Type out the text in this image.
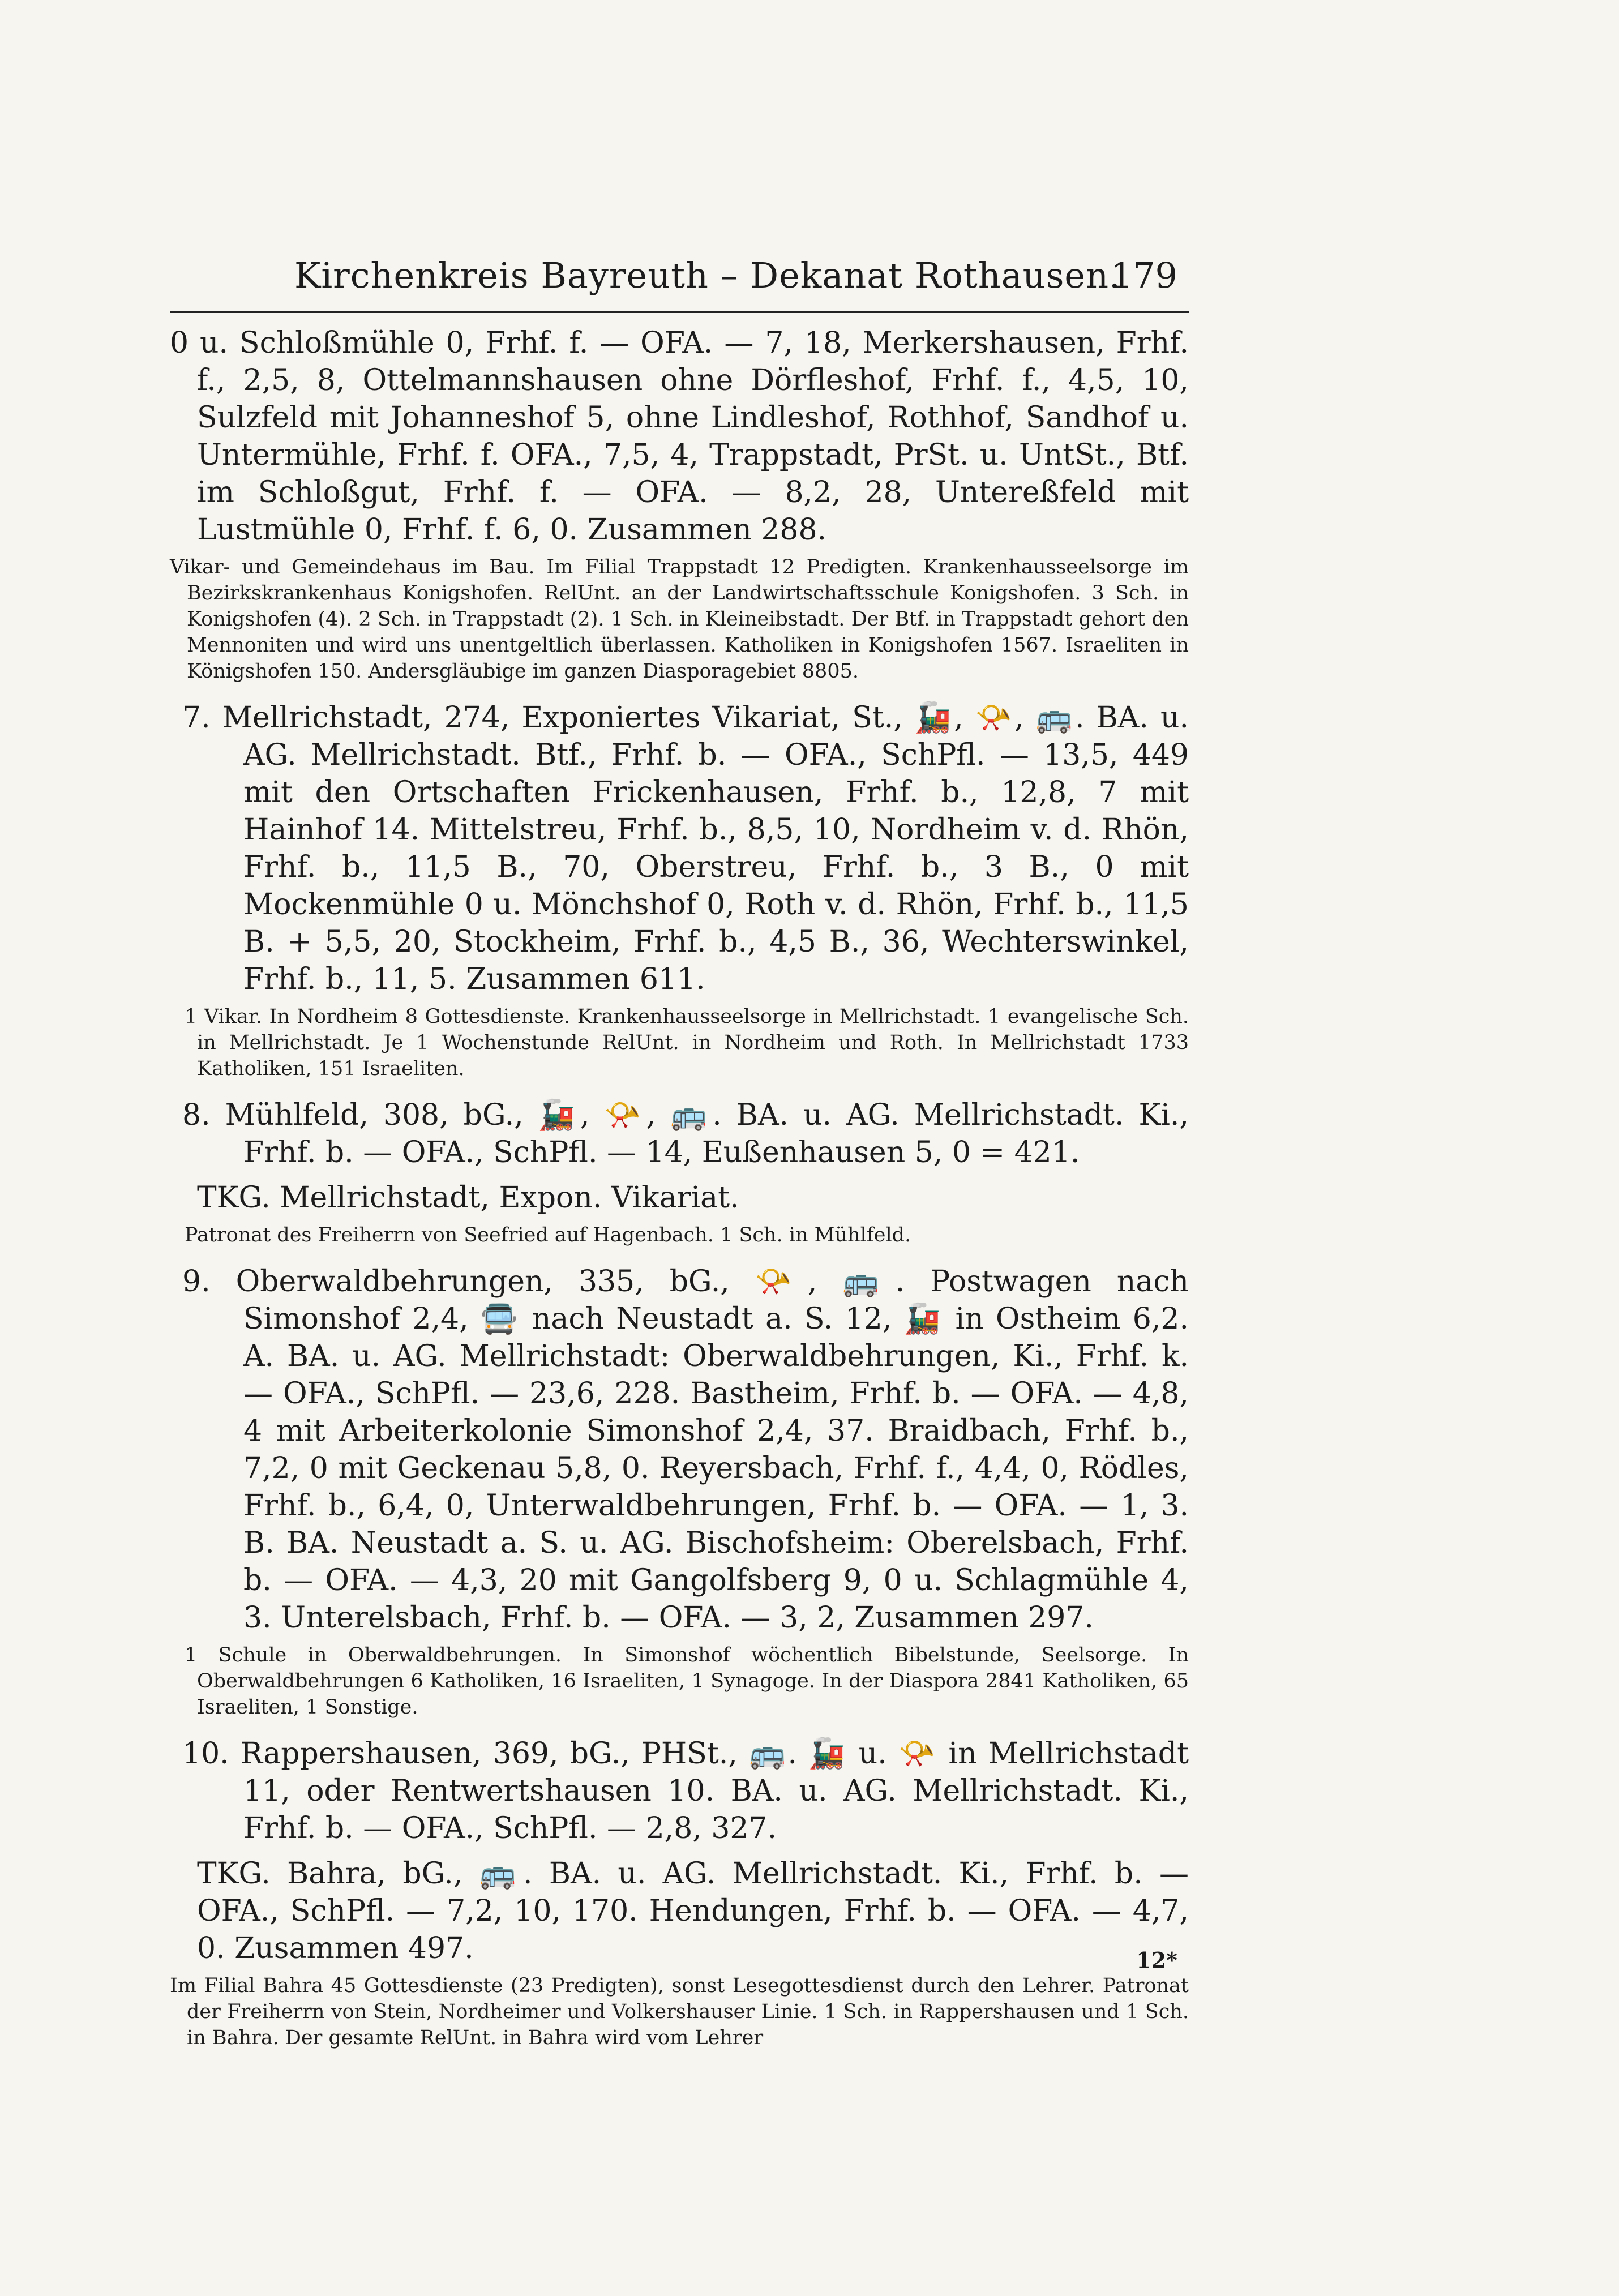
Kirchenkreis Bayreuth – Dekanat Rothausen.
179

0 u. Schloßmühle 0, Frhf. f. — OFA. — 7, 18, Merkershausen, Frhf. f., 2,5, 8, Ottelmannshausen ohne Dörfleshof, Frhf. f., 4,5, 10, Sulzfeld mit Johanneshof 5, ohne Lindleshof, Rothhof, Sandhof u. Untermühle, Frhf. f. OFA., 7,5, 4, Trappstadt, PrSt. u. UntSt., Btf. im Schloßgut, Frhf. f. — OFA. — 8,2, 28, Untereßfeld mit Lustmühle 0, Frhf. f. 6, 0. Zusammen 288.

Vikar- und Gemeindehaus im Bau. Im Filial Trappstadt 12 Predigten. Krankenhausseelsorge im Bezirkskrankenhaus Konigshofen. RelUnt. an der Landwirtschaftsschule Konigshofen. 3 Sch. in Konigshofen (4). 2 Sch. in Trappstadt (2). 1 Sch. in Kleineibstadt. Der Btf. in Trappstadt gehort den Mennoniten und wird uns unentgeltlich überlassen. Katholiken in Konigshofen 1567. Israeliten in Königshofen 150. Andersgläubige im ganzen Diasporagebiet 8805.

7. Mellrichstadt, 274, Exponiertes Vikariat, St., 🚂, 📯, 🚌. BA. u. AG. Mellrichstadt. Btf., Frhf. b. — OFA., SchPfl. — 13,5, 449 mit den Ortschaften Frickenhausen, Frhf. b., 12,8, 7 mit Hainhof 14. Mittelstreu, Frhf. b., 8,5, 10, Nordheim v. d. Rhön, Frhf. b., 11,5 B., 70, Oberstreu, Frhf. b., 3 B., 0 mit Mockenmühle 0 u. Mönchshof 0, Roth v. d. Rhön, Frhf. b., 11,5 B. + 5,5, 20, Stockheim, Frhf. b., 4,5 B., 36, Wechterswinkel, Frhf. b., 11, 5. Zusammen 611.

1 Vikar. In Nordheim 8 Gottesdienste. Krankenhausseelsorge in Mellrichstadt. 1 evangelische Sch. in Mellrichstadt. Je 1 Wochenstunde RelUnt. in Nordheim und Roth. In Mellrichstadt 1733 Katholiken, 151 Israeliten.

8. Mühlfeld, 308, bG., 🚂, 📯, 🚌. BA. u. AG. Mellrichstadt. Ki., Frhf. b. — OFA., SchPfl. — 14, Eußenhausen 5, 0 = 421.

TKG. Mellrichstadt, Expon. Vikariat.

Patronat des Freiherrn von Seefried auf Hagenbach. 1 Sch. in Mühlfeld.

9. Oberwaldbehrungen, 335, bG., 📯, 🚌. Postwagen nach Simonshof 2,4, 🚍 nach Neustadt a. S. 12, 🚂 in Ostheim 6,2. A. BA. u. AG. Mellrichstadt: Oberwaldbehrungen, Ki., Frhf. k. — OFA., SchPfl. — 23,6, 228. Bastheim, Frhf. b. — OFA. — 4,8, 4 mit Arbeiterkolonie Simonshof 2,4, 37. Braidbach, Frhf. b., 7,2, 0 mit Geckenau 5,8, 0. Reyersbach, Frhf. f., 4,4, 0, Rödles, Frhf. b., 6,4, 0, Unterwaldbehrungen, Frhf. b. — OFA. — 1, 3. B. BA. Neustadt a. S. u. AG. Bischofsheim: Oberelsbach, Frhf. b. — OFA. — 4,3, 20 mit Gangolfsberg 9, 0 u. Schlagmühle 4, 3. Unterelsbach, Frhf. b. — OFA. — 3, 2, Zusammen 297.

1 Schule in Oberwaldbehrungen. In Simonshof wöchentlich Bibelstunde, Seelsorge. In Oberwaldbehrungen 6 Katholiken, 16 Israeliten, 1 Synagoge. In der Diaspora 2841 Katholiken, 65 Israeliten, 1 Sonstige.

10. Rappershausen, 369, bG., PHSt., 🚌. 🚂 u. 📯 in Mellrichstadt 11, oder Rentwertshausen 10. BA. u. AG. Mellrichstadt. Ki., Frhf. b. — OFA., SchPfl. — 2,8, 327.

TKG. Bahra, bG., 🚌. BA. u. AG. Mellrichstadt. Ki., Frhf. b. — OFA., SchPfl. — 7,2, 10, 170. Hendungen, Frhf. b. — OFA. — 4,7, 0. Zusammen 497.

Im Filial Bahra 45 Gottesdienste (23 Predigten), sonst Lesegottesdienst durch den Lehrer. Patronat der Freiherrn von Stein, Nordheimer und Volkershauser Linie. 1 Sch. in Rappershausen und 1 Sch. in Bahra. Der gesamte RelUnt. in Bahra wird vom Lehrer

12*
